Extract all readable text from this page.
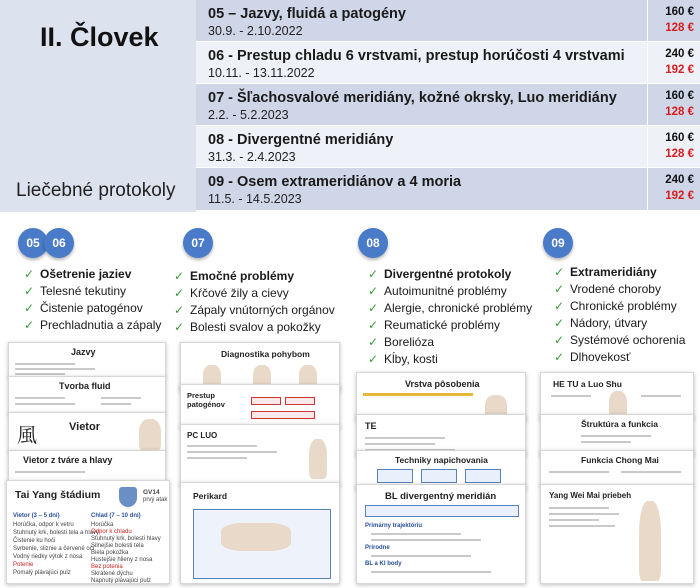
II. Človek
Liečebné protokoly
05 – Jazvy, fluidá a patogény
30.9. - 2.10.2022
160 €
128 €
06 - Prestup chladu 6 vrstvami, prestup horúčosti 4 vrstvami
10.11. - 13.11.2022
240 €
192 €
07 - Šľachosvalové meridiány, kožné okrsky, Luo meridiány
2.2. - 5.2.2023
160 €
128 €
08 - Divergentné meridiány
31.3. - 2.4.2023
160 €
128 €
09 - Osem extrameridiánov a 4 moria
11.5. - 14.5.2023
240 €
192 €
05	06	07	08	09
✓ Ošetrenie jaziev
✓ Telesné tekutiny
✓ Čistenie patogénov
✓ Prechladnutia a zápaly
✓ Emočné problémy
✓ Kŕčové žily a cievy
✓ Zápaly vnútorných orgánov
✓ Bolesti svalov a pokožky
✓ Divergentné protokoly
✓ Autoimunitné problémy
✓ Alergie, chronické problémy
✓ Reumatické problémy
✓ Borelióza
✓ Kĺby, kosti
✓ Extrameridiány
✓ Vrodené choroby
✓ Chronické problémy
✓ Nádory, útvary
✓ Systémové ochorenia
✓ Dlhovekosť
Jazvy
Tvorba fluid
風	Vietor
Vietor z tváre a hlavy
Tai Yang štádium	GV14
prvý atak
Vietor (3 – 5 dní)	Chlad (7 – 10 dní)
Horúčka, odpor k vetru
Stuhnutý krk, bolesti tela a hlavy
Čistenie ku hoči
Svrbenie, sliznie a červené oči
Vodný riedky výtok z nosa
Potenie
Pomalý plávajúci pulz
Horúčka
Odpor k chladu
Stuhnutý krk, bolesti hlavy
Silnejšie bolesti tela
Biela pokožka
Hustejšie hlieny z nosa
Bez potenia
Skrátené dýchu
Napnutý plávajúci pulz
Diagnostika pohybom
Prestup patogénov
PC LUO
Perikard
Vrstva pôsobenia
TE
Techniky napichovania
BL divergentný meridián
Primárny trajektóriu
Prírodne
BL a KI body
HE TU a Luo Shu
Štruktúra a funkcia
Funkcia Chong Mai
Yang Wei Mai priebeh
